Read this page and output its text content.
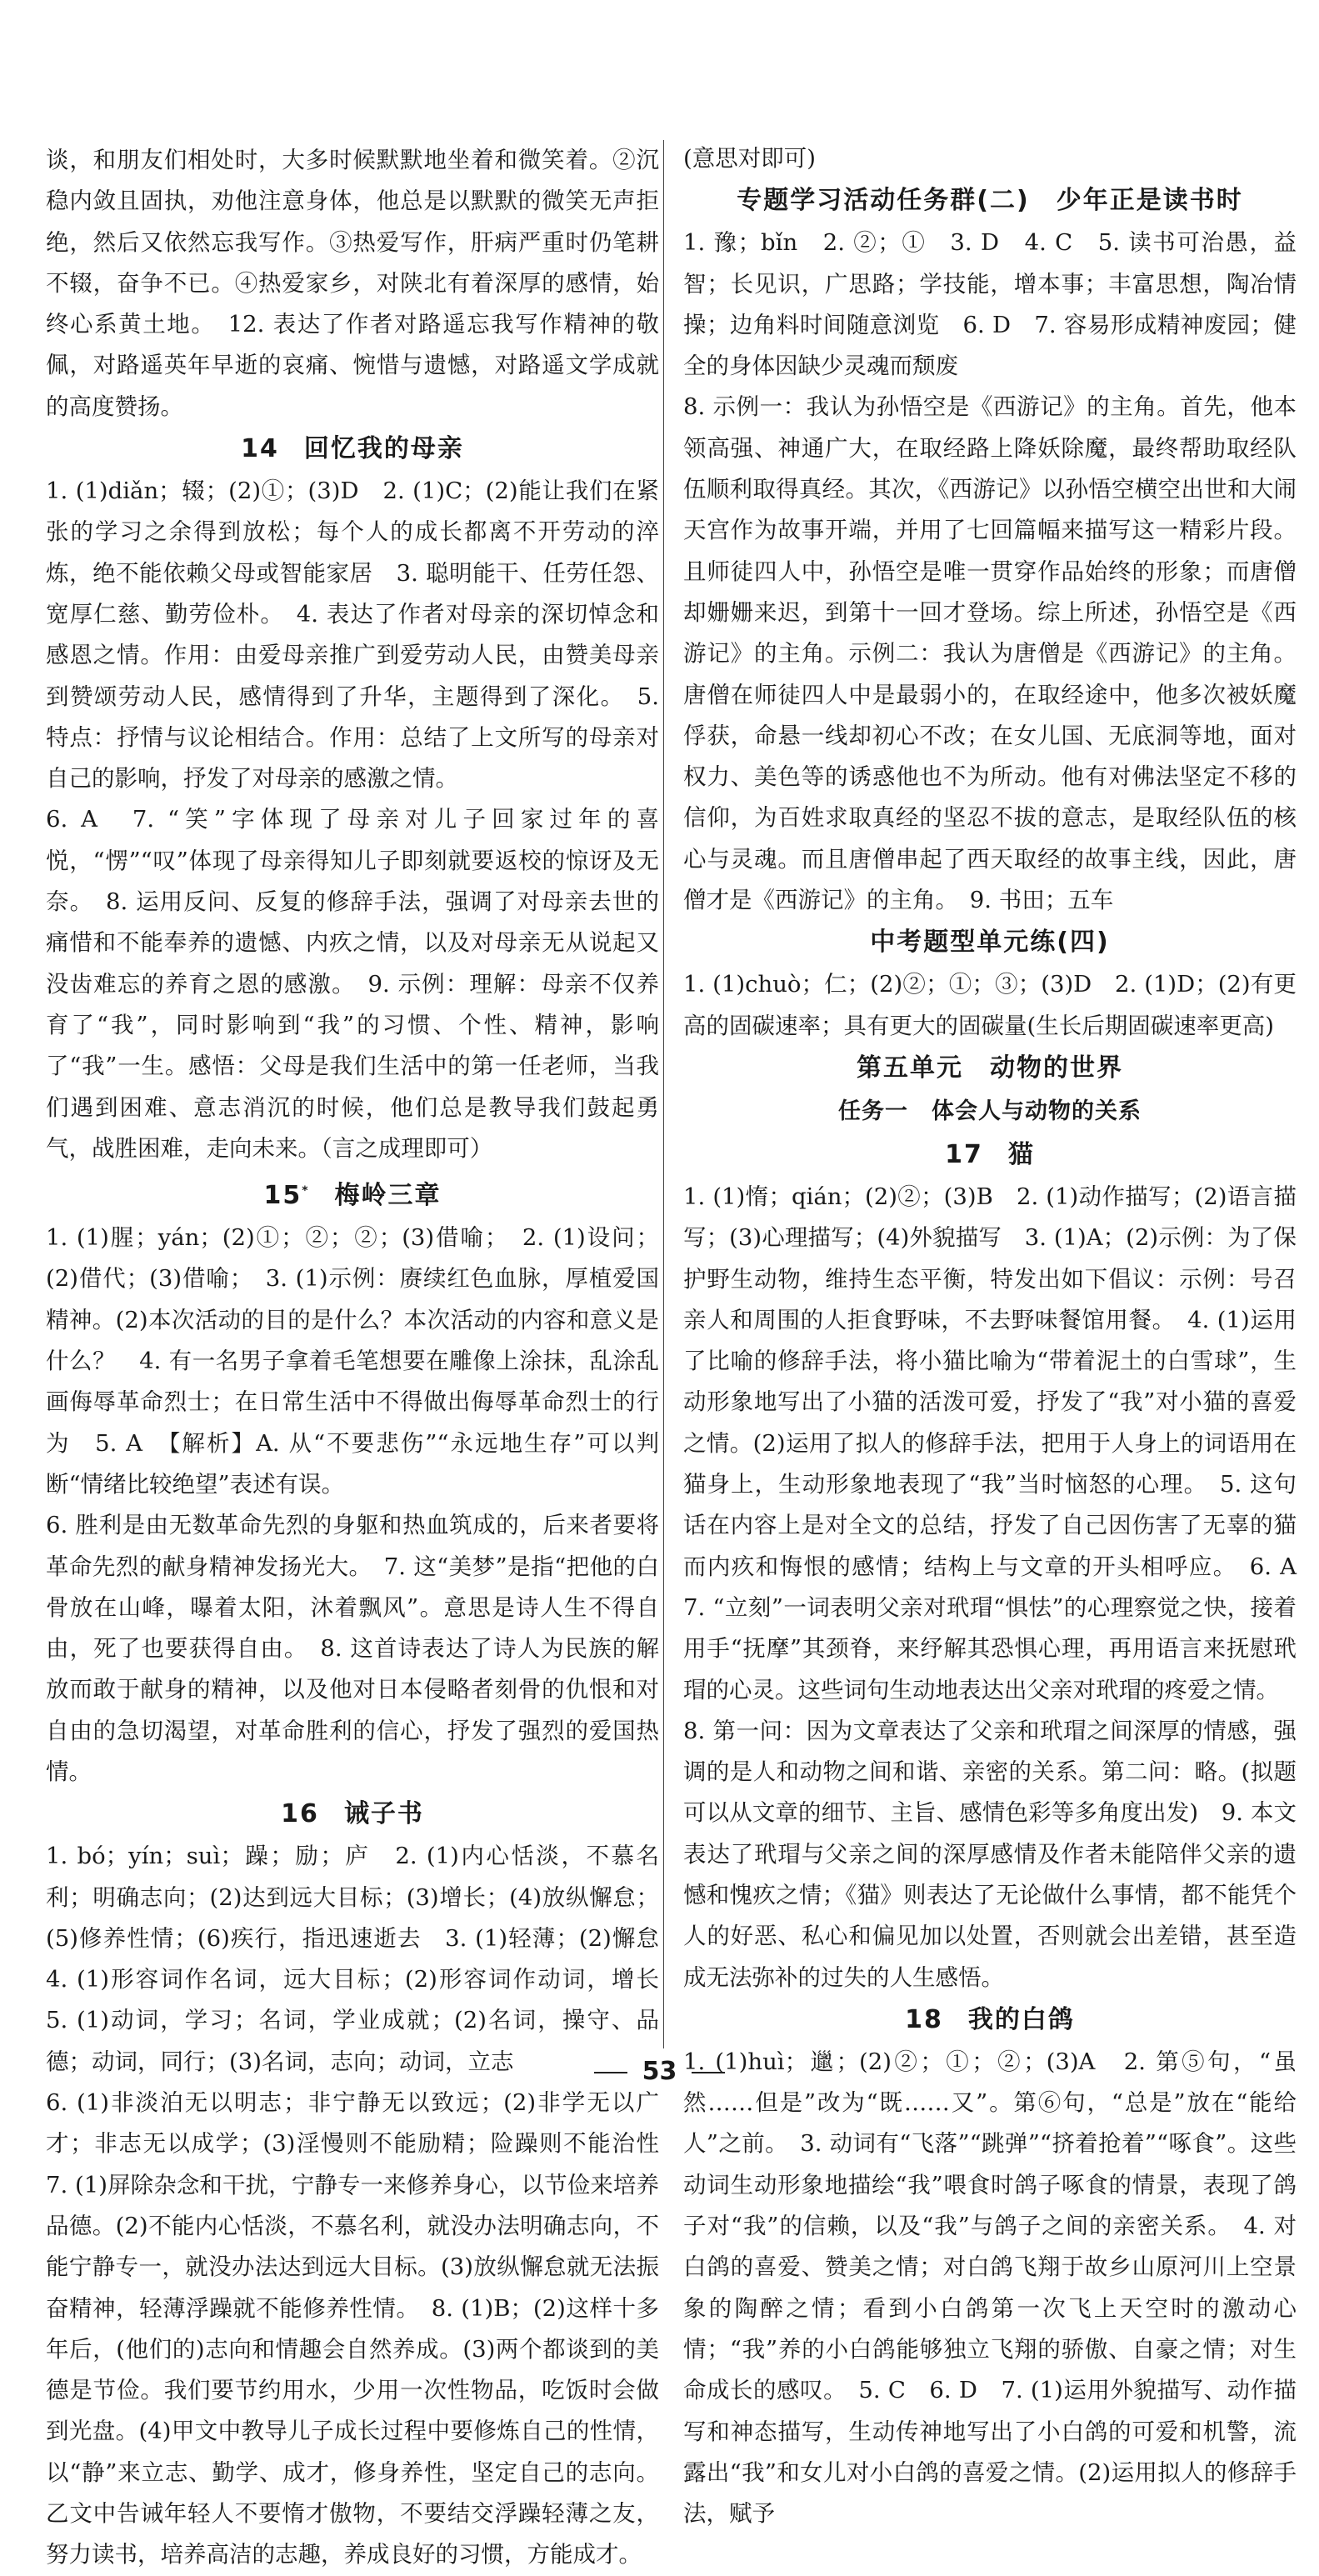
谈，和朋友们相处时，大多时候默默地坐着和微笑着。②沉稳内敛且固执，劝他注意身体，他总是以默默的微笑无声拒绝，然后又依然忘我写作。③热爱写作，肝病严重时仍笔耕不辍，奋争不已。④热爱家乡，对陕北有着深厚的感情，始终心系黄土地。　12. 表达了作者对路遥忘我写作精神的敬佩，对路遥英年早逝的哀痛、惋惜与遗憾，对路遥文学成就的高度赞扬。

14 回忆我的母亲

1. (1)diǎn；辍；(2)①；(3)D　2. (1)C；(2)能让我们在紧张的学习之余得到放松；每个人的成长都离不开劳动的淬炼，绝不能依赖父母或智能家居　3. 聪明能干、任劳任怨、宽厚仁慈、勤劳俭朴。　4. 表达了作者对母亲的深切悼念和感恩之情。作用：由爱母亲推广到爱劳动人民，由赞美母亲到赞颂劳动人民，感情得到了升华，主题得到了深化。　5. 特点：抒情与议论相结合。作用：总结了上文所写的母亲对自己的影响，抒发了对母亲的感激之情。

6. A　7. “笑”字体现了母亲对儿子回家过年的喜悦，“愣”“叹”体现了母亲得知儿子即刻就要返校的惊讶及无奈。　8. 运用反问、反复的修辞手法，强调了对母亲去世的痛惜和不能奉养的遗憾、内疚之情，以及对母亲无从说起又没齿难忘的养育之恩的感激。　9. 示例：理解：母亲不仅养育了“我”，同时影响到“我”的习惯、个性、精神，影响了“我”一生。感悟：父母是我们生活中的第一任老师，当我们遇到困难、意志消沉的时候，他们总是教导我们鼓起勇气，战胜困难，走向未来。（言之成理即可）

15* 梅岭三章

1. (1)腥；yán；(2)①；②；②；(3)借喻；　2. (1)设问；(2)借代；(3)借喻；　3. (1)示例：赓续红色血脉，厚植爱国精神。(2)本次活动的目的是什么？本次活动的内容和意义是什么？　4. 有一名男子拿着毛笔想要在雕像上涂抹，乱涂乱画侮辱革命烈士；在日常生活中不得做出侮辱革命烈士的行为　5. A　【解析】A. 从“不要悲伤”“永远地生存”可以判断“情绪比较绝望”表述有误。

6. 胜利是由无数革命先烈的身躯和热血筑成的，后来者要将革命先烈的献身精神发扬光大。　7. 这“美梦”是指“把他的白骨放在山峰，曝着太阳，沐着飘风”。意思是诗人生不得自由，死了也要获得自由。　8. 这首诗表达了诗人为民族的解放而敢于献身的精神，以及他对日本侵略者刻骨的仇恨和对自由的急切渴望，对革命胜利的信心，抒发了强烈的爱国热情。

16 诫子书

1. bó；yín；suì；躁；励；庐　2. (1)内心恬淡，不慕名利；明确志向；(2)达到远大目标；(3)增长；(4)放纵懈怠；(5)修养性情；(6)疾行，指迅速逝去　3. (1)轻薄；(2)懈怠　4. (1)形容词作名词，远大目标；(2)形容词作动词，增长　5. (1)动词，学习；名词，学业成就；(2)名词，操守、品德；动词，同行；(3)名词，志向；动词，立志

6. (1)非淡泊无以明志；非宁静无以致远；(2)非学无以广才；非志无以成学；(3)淫慢则不能励精；险躁则不能治性　7. (1)屏除杂念和干扰，宁静专一来修养身心，以节俭来培养品德。(2)不能内心恬淡，不慕名利，就没办法明确志向，不能宁静专一，就没办法达到远大目标。(3)放纵懈怠就无法振奋精神，轻薄浮躁就不能修养性情。　8. (1)B；(2)这样十多年后，(他们的)志向和情趣会自然养成。(3)两个都谈到的美德是节俭。我们要节约用水，少用一次性物品，吃饭时会做到光盘。(4)甲文中教导儿子成长过程中要修炼自己的性情，以“静”来立志、勤学、成才，修身养性，坚定自己的志向。乙文中告诫年轻人不要惰才傲物，不要结交浮躁轻薄之友，努力读书，培养高洁的志趣，养成良好的习惯，方能成才。

(意思对即可)

专题学习活动任务群(二)　少年正是读书时

1. 豫；bǐn　2. ②；①　3. D　4. C　5. 读书可治愚，益智；长见识，广思路；学技能，增本事；丰富思想，陶冶情操；边角料时间随意浏览　6. D　7. 容易形成精神废园；健全的身体因缺少灵魂而颓废

8. 示例一：我认为孙悟空是《西游记》的主角。首先，他本领高强、神通广大，在取经路上降妖除魔，最终帮助取经队伍顺利取得真经。其次，《西游记》以孙悟空横空出世和大闹天宫作为故事开端，并用了七回篇幅来描写这一精彩片段。且师徒四人中，孙悟空是唯一贯穿作品始终的形象；而唐僧却姗姗来迟，到第十一回才登场。综上所述，孙悟空是《西游记》的主角。示例二：我认为唐僧是《西游记》的主角。唐僧在师徒四人中是最弱小的，在取经途中，他多次被妖魔俘获，命悬一线却初心不改；在女儿国、无底洞等地，面对权力、美色等的诱惑他也不为所动。他有对佛法坚定不移的信仰，为百姓求取真经的坚忍不拔的意志，是取经队伍的核心与灵魂。而且唐僧串起了西天取经的故事主线，因此，唐僧才是《西游记》的主角。　9. 书田；五车

中考题型单元练(四)

1. (1)chuò；仁；(2)②；①；③；(3)D　2. (1)D；(2)有更高的固碳速率；具有更大的固碳量(生长后期固碳速率更高)

第五单元　动物的世界

任务一　体会人与动物的关系

17 猫

1. (1)惰；qián；(2)②；(3)B　2. (1)动作描写；(2)语言描写；(3)心理描写；(4)外貌描写　3. (1)A；(2)示例：为了保护野生动物，维持生态平衡，特发出如下倡议：示例：号召亲人和周围的人拒食野味，不去野味餐馆用餐。　4. (1)运用了比喻的修辞手法，将小猫比喻为“带着泥土的白雪球”，生动形象地写出了小猫的活泼可爱，抒发了“我”对小猫的喜爱之情。(2)运用了拟人的修辞手法，把用于人身上的词语用在猫身上，生动形象地表现了“我”当时恼怒的心理。　5. 这句话在内容上是对全文的总结，抒发了自己因伤害了无辜的猫而内疚和悔恨的感情；结构上与文章的开头相呼应。　6. A　7. “立刻”一词表明父亲对玳瑁“惧怯”的心理察觉之快，接着用手“抚摩”其颈脊，来纾解其恐惧心理，再用语言来抚慰玳瑁的心灵。这些词句生动地表达出父亲对玳瑁的疼爱之情。

8. 第一问：因为文章表达了父亲和玳瑁之间深厚的情感，强调的是人和动物之间和谐、亲密的关系。第二问：略。(拟题可以从文章的细节、主旨、感情色彩等多角度出发)　9. 本文表达了玳瑁与父亲之间的深厚感情及作者未能陪伴父亲的遗憾和愧疚之情；《猫》则表达了无论做什么事情，都不能凭个人的好恶、私心和偏见加以处置，否则就会出差错，甚至造成无法弥补的过失的人生感悟。

18 我的白鸽

1. (1)huì；邋；(2)②；①；②；(3)A　2. 第⑤句，“虽然……但是”改为“既……又”。第⑥句，“总是”放在“能给人”之前。　3. 动词有“飞落”“跳弹”“挤着抢着”“啄食”。这些动词生动形象地描绘“我”喂食时鸽子啄食的情景，表现了鸽子对“我”的信赖，以及“我”与鸽子之间的亲密关系。　4. 对白鸽的喜爱、赞美之情；对白鸽飞翔于故乡山原河川上空景象的陶醉之情；看到小白鸽第一次飞上天空时的激动心情；“我”养的小白鸽能够独立飞翔的骄傲、自豪之情；对生命成长的感叹。　5. C　6. D　7. (1)运用外貌描写、动作描写和神态描写，生动传神地写出了小白鸽的可爱和机警，流露出“我”和女儿对小白鸽的喜爱之情。(2)运用拟人的修辞手法，赋予

53
